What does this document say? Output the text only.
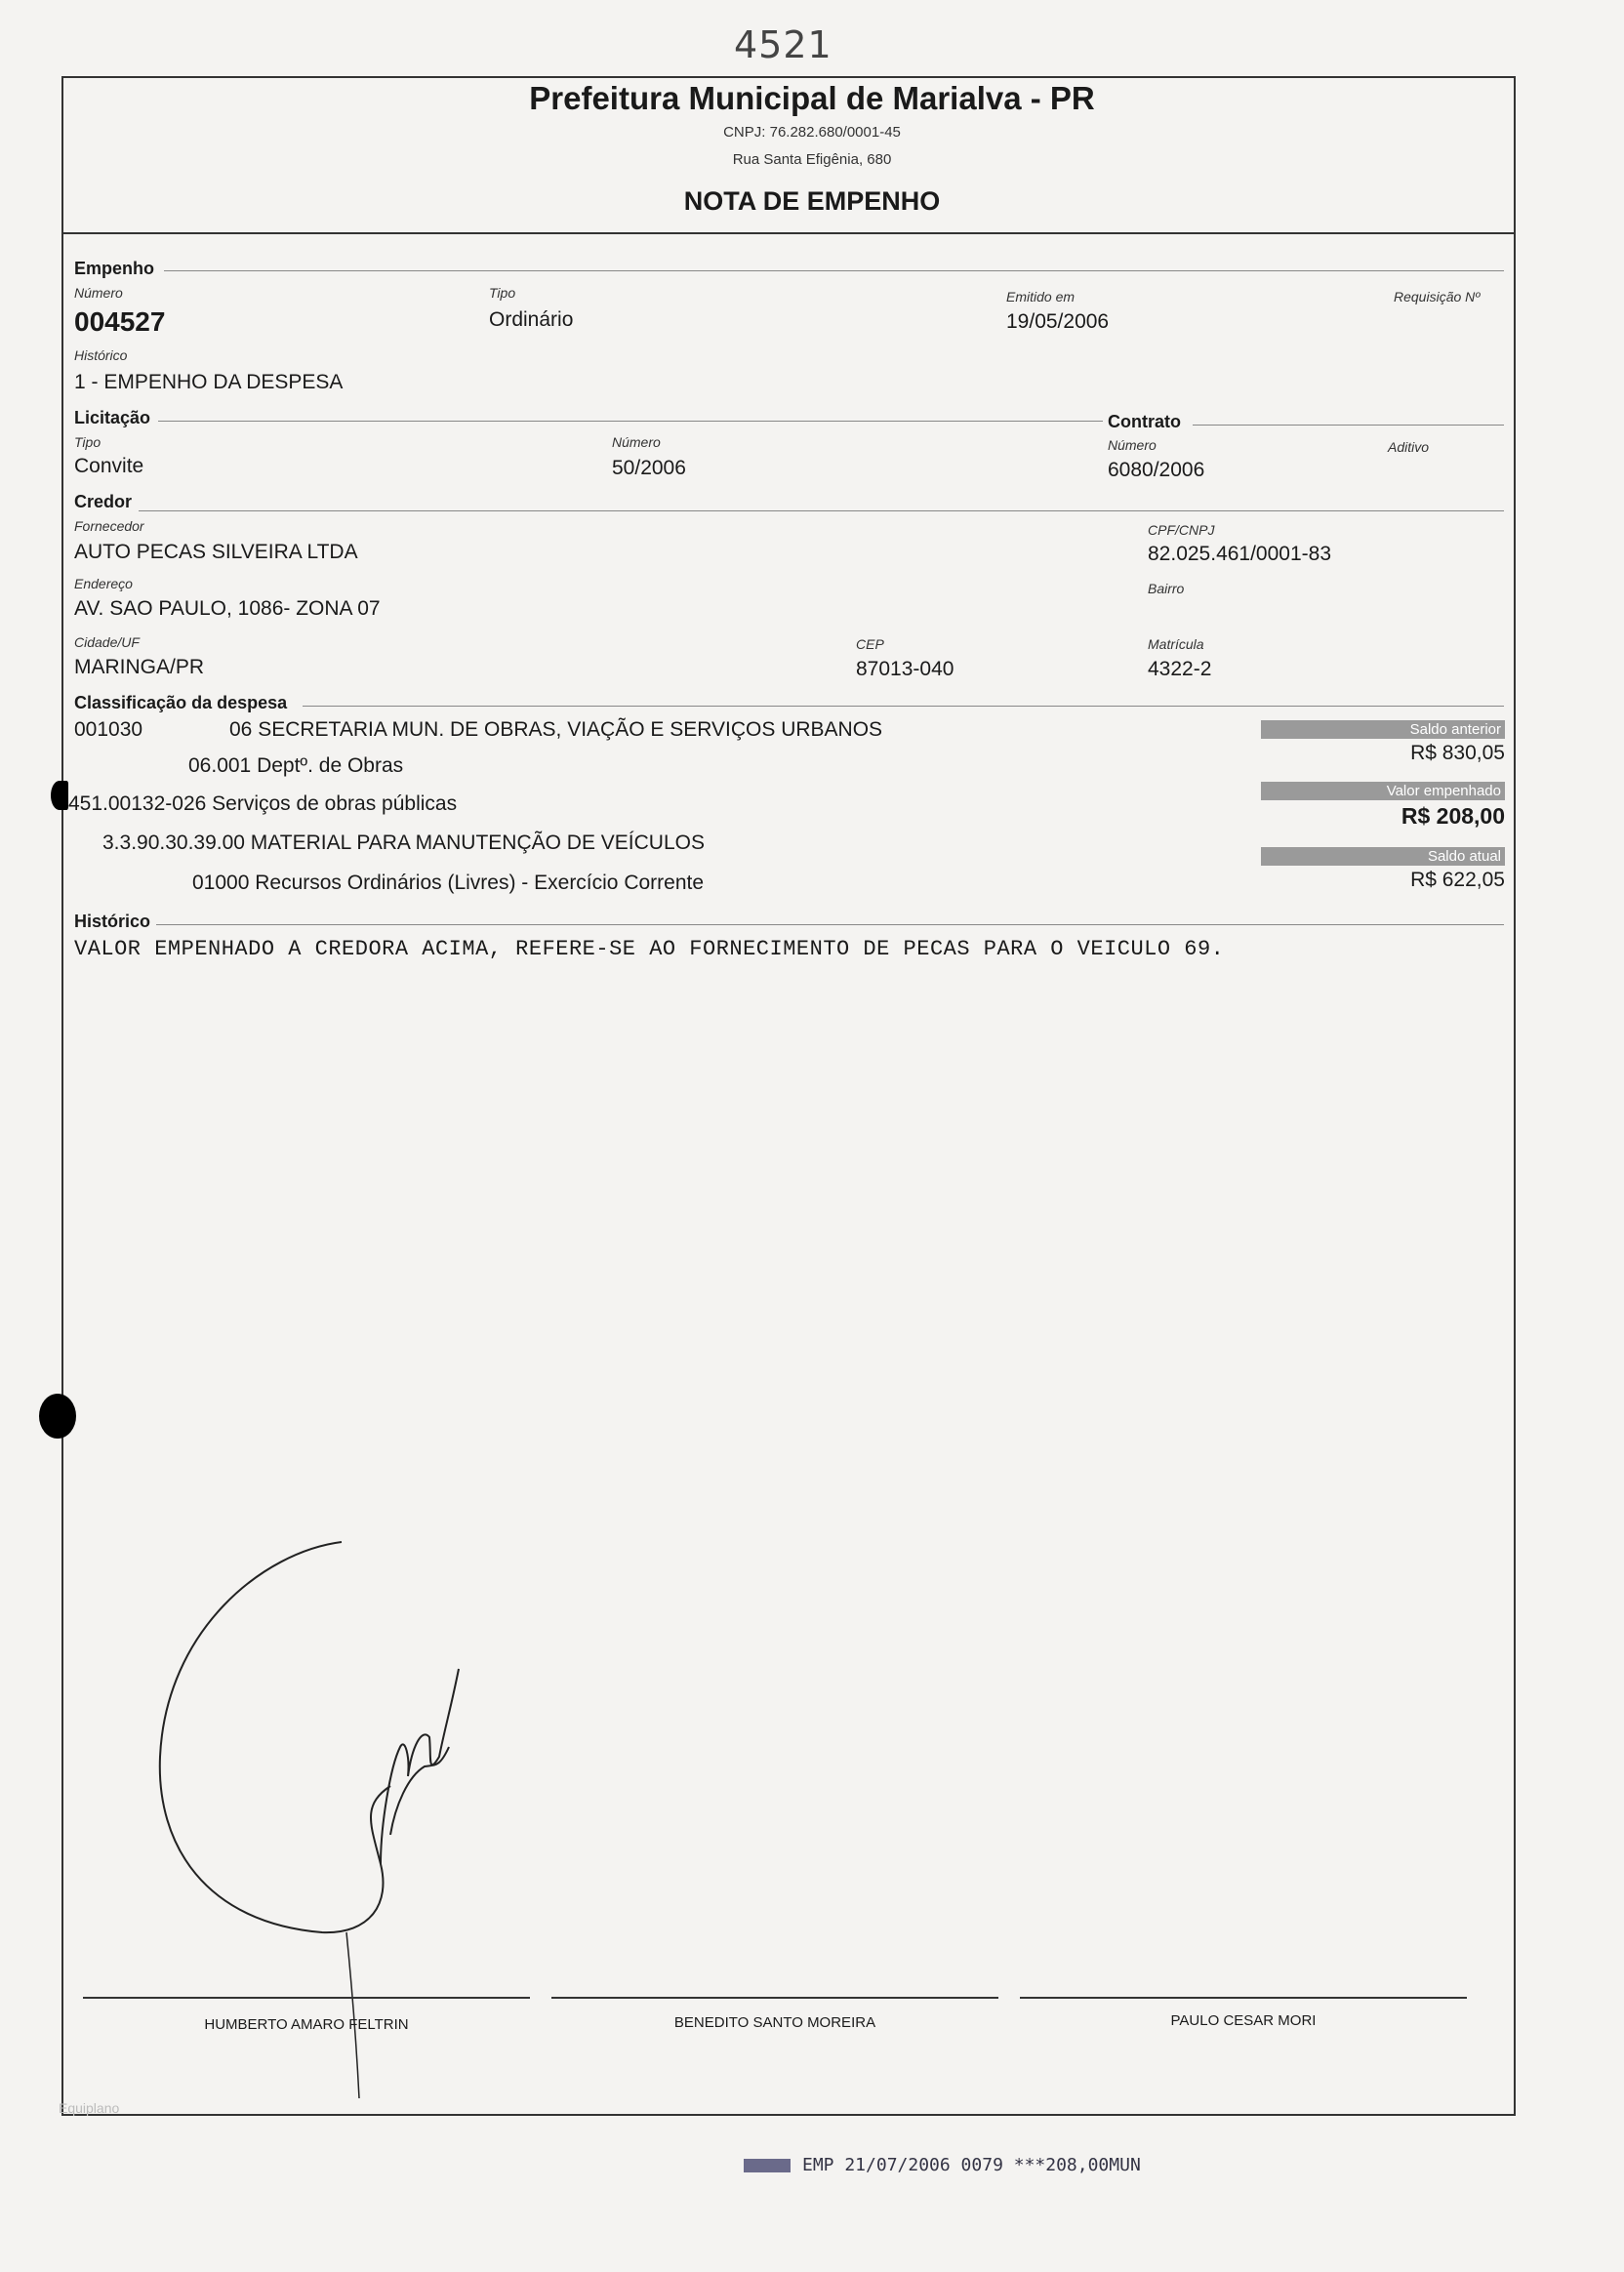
4521
Prefeitura Municipal de Marialva - PR
CNPJ: 76.282.680/0001-45
Rua Santa Efigênia, 680
NOTA DE EMPENHO
Empenho
Número
004527
Tipo
Ordinário
Emitido em
19/05/2006
Requisição Nº
Histórico
1 - EMPENHO DA DESPESA
Licitação
Tipo
Convite
Número
50/2006
Contrato
Número
6080/2006
Aditivo
Credor
Fornecedor
AUTO PECAS SILVEIRA LTDA
CPF/CNPJ
82.025.461/0001-83
Endereço
AV. SAO PAULO, 1086- ZONA 07
Bairro
Cidade/UF
MARINGA/PR
CEP
87013-040
Matrícula
4322-2
Classificação da despesa
001030	06 SECRETARIA MUN. DE OBRAS, VIAÇÃO E SERVIÇOS URBANOS
06.001 Deptº. de Obras
451.00132-026 Serviços de obras públicas
3.3.90.30.39.00 MATERIAL PARA MANUTENÇÃO DE VEÍCULOS
01000 Recursos Ordinários (Livres) - Exercício Corrente
Saldo anterior
R$ 830,05
Valor empenhado
R$ 208,00
Saldo atual
R$ 622,05
Histórico
VALOR EMPENHADO A CREDORA ACIMA, REFERE-SE AO FORNECIMENTO DE PECAS PARA O VEICULO 69.
HUMBERTO AMARO FELTRIN	BENEDITO SANTO MOREIRA	PAULO CESAR MORI
Equiplano
EMP 21/07/2006 0079 ***208,00MUN
